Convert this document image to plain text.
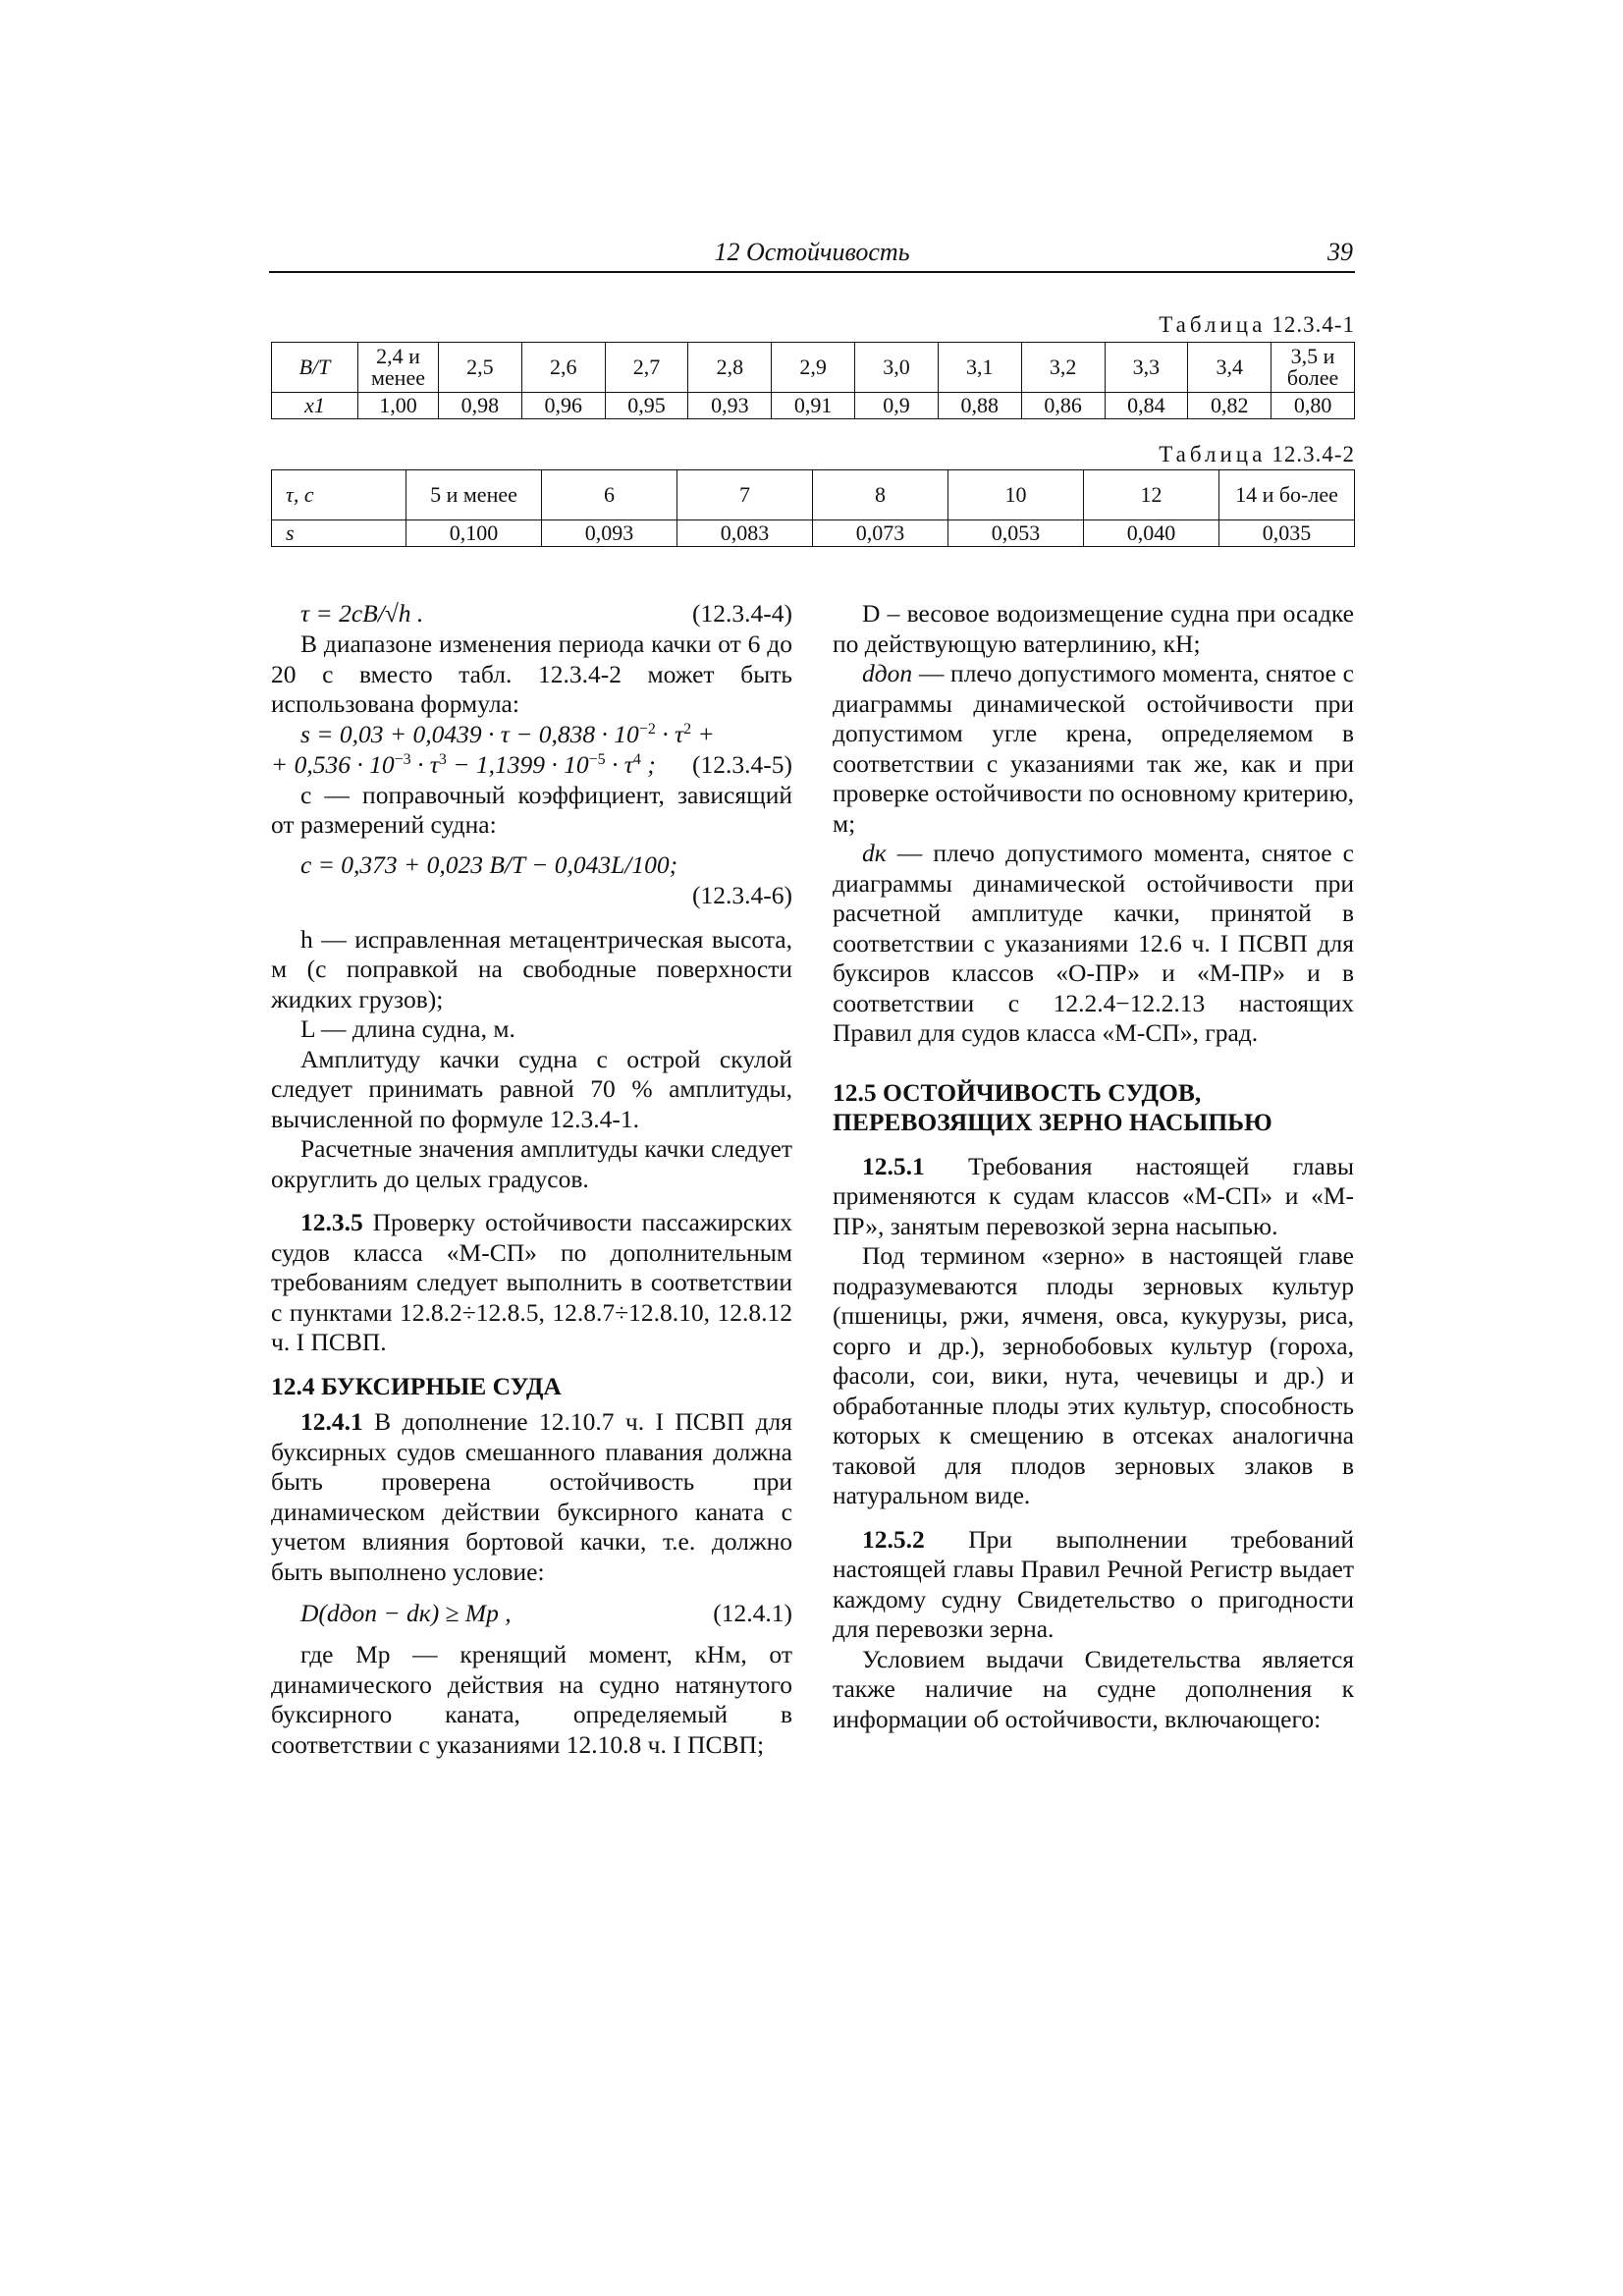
12 Остойчивость	39
Таблица 12.3.4-1
B/T	2,4 и менее	2,5	2,6	2,7	2,8	2,9	3,0	3,1	3,2	3,3	3,4	3,5 и более
x1	1,00	0,98	0,96	0,95	0,93	0,91	0,9	0,88	0,86	0,84	0,82	0,80
Таблица 12.3.4-2
τ, с	5 и менее	6	7	8	10	12	14 и бо-лее
s	0,100	0,093	0,083	0,073	0,053	0,040	0,035
τ = 2cB/√h .	(12.3.4-4)

В диапазоне изменения периода качки от 6 до 20 с вместо табл. 12.3.4-2 может быть использована формула:

$s = 0,03 + 0,0439 \cdot \tau - 0,838 \cdot 10^{-2} \cdot \tau^2$ +
+ $0,536 \cdot 10^{-3} \cdot \tau^3 - 1,1399 \cdot 10^{-5} \cdot \tau^4$ ; (12.3.4-5)

c — поправочный коэффициент, зависящий от размерений судна:

c = 0,373 + 0,023 B/T − 0,043L/100;
(12.3.4-6)

h — исправленная метацентрическая высота, м (с поправкой на свободные поверхности жидких грузов);

L — длина судна, м.

Амплитуду качки судна с острой скулой следует принимать равной 70 % амплитуды, вычисленной по формуле 12.3.4-1.

Расчетные значения амплитуды качки следует округлить до целых градусов.

12.3.5 Проверку остойчивости пассажирских судов класса «М-СП» по дополнительным требованиям следует выполнить в соответствии с пунктами 12.8.2÷12.8.5, 12.8.7÷12.8.10, 12.8.12 ч. I ПСВП.

12.4 БУКСИРНЫЕ СУДА

12.4.1 В дополнение 12.10.7 ч. I ПСВП для буксирных судов смешанного плавания должна быть проверена остойчивость при динамическом действии буксирного каната с учетом влияния бортовой качки, т.е. должно быть выполнено условие:

D(dдоп − dк) ≥ Mp ,	(12.4.1)

где Mр — кренящий момент, кНм, от динамического действия на судно натянутого буксирного каната, определяемый в соответствии с указаниями 12.10.8 ч. I ПСВП;

D – весовое водоизмещение судна при осадке по действующую ватерлинию, кН;

dдоп — плечо допустимого момента, снятое с диаграммы динамической остойчивости при допустимом угле крена, определяемом в соответствии с указаниями так же, как и при проверке остойчивости по основному критерию, м;

dк — плечо допустимого момента, снятое с диаграммы динамической остойчивости при расчетной амплитуде качки, принятой в соответствии с указаниями 12.6 ч. I ПСВП для буксиров классов «О-ПР» и «М-ПР» и в соответствии с 12.2.4−12.2.13 настоящих Правил для судов класса «М-СП», град.

12.5 ОСТОЙЧИВОСТЬ СУДОВ,

ПЕРЕВОЗЯЩИХ ЗЕРНО НАСЫПЬЮ

12.5.1 Требования настоящей главы применяются к судам классов «М-СП» и «М-ПР», занятым перевозкой зерна насыпью.

Под термином «зерно» в настоящей главе подразумеваются плоды зерновых культур (пшеницы, ржи, ячменя, овса, кукурузы, риса, сорго и др.), зернобобовых культур (гороха, фасоли, сои, вики, нута, чечевицы и др.) и обработанные плоды этих культур, способность которых к смещению в отсеках аналогична таковой для плодов зерновых злаков в натуральном виде.

12.5.2 При выполнении требований настоящей главы Правил Речной Регистр выдает каждому судну Свидетельство о пригодности для перевозки зерна.

Условием выдачи Свидетельства является также наличие на судне дополнения к информации об остойчивости, включающего:
